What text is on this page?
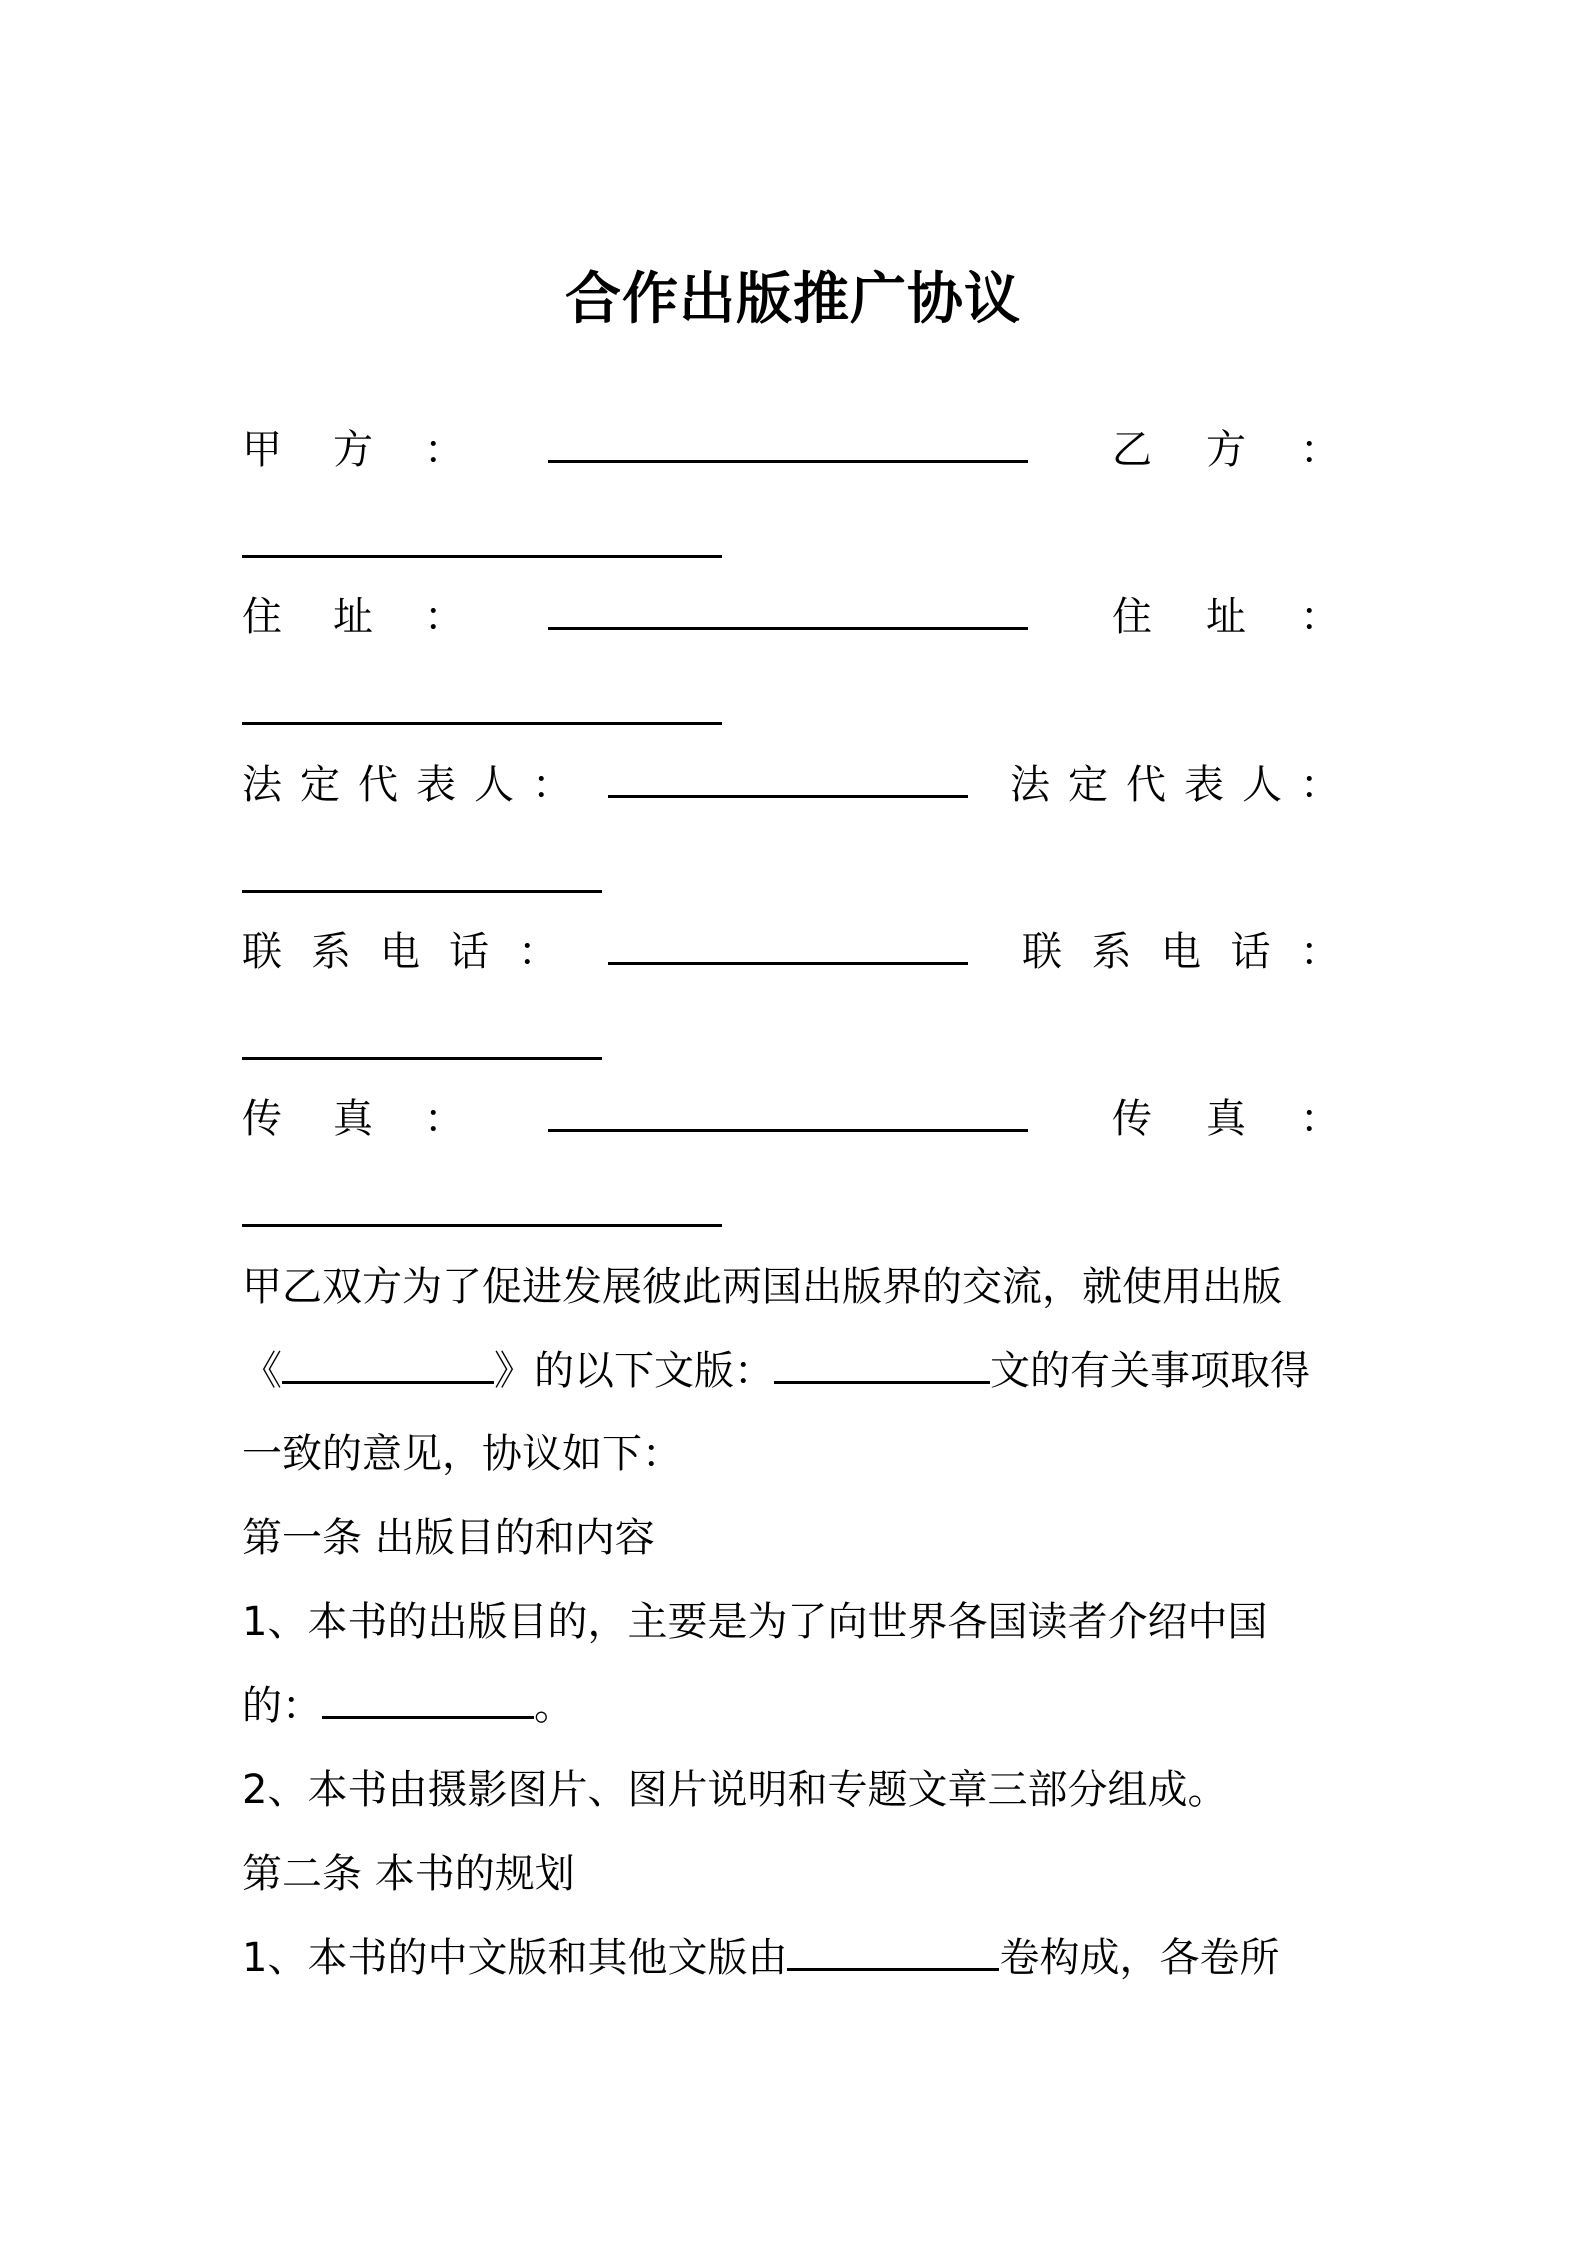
合作出版推广协议
甲 方 ：	乙 方 ：
住 址 ：	住 址 ：
法 定 代 表 人 ：	法 定 代 表 人 ：
联 系 电 话 ：	联 系 电 话 ：
传 真 ：	传 真 ：
甲乙双方为了促进发展彼此两国出版界的交流，就使用出版
《	》的以下文版：	文的有关事项取得
一致的意见，协议如下：
第一条 出版目的和内容
1、本书的出版目的，主要是为了向世界各国读者介绍中国
的：	。
2、本书由摄影图片、图片说明和专题文章三部分组成。
第二条 本书的规划
1、本书的中文版和其他文版由	卷构成，各卷所
